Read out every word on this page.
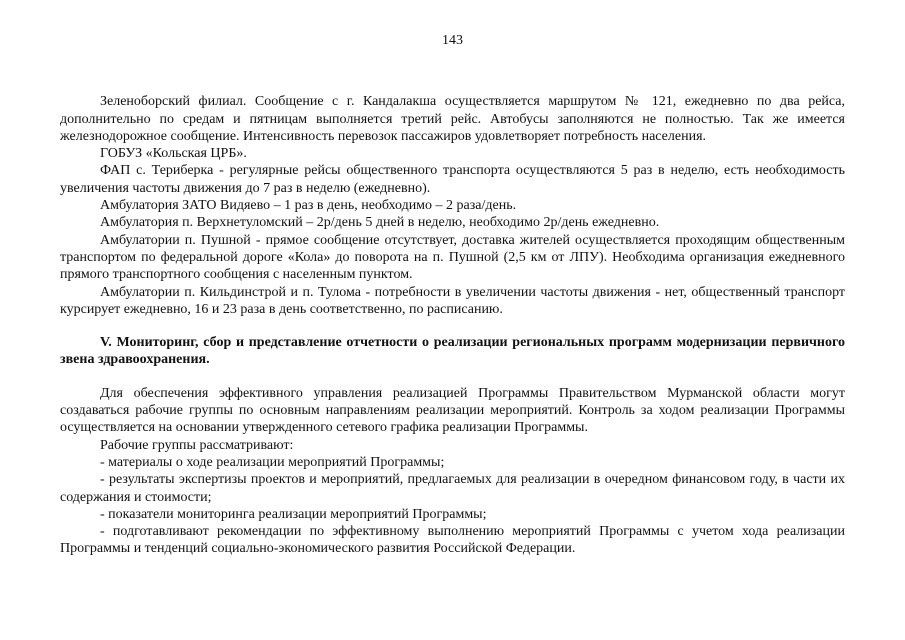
143

Зеленоборский филиал. Сообщение с г. Кандалакша осуществляется маршрутом № 121, ежедневно по два рейса, дополнительно по средам и пятницам выполняется третий рейс. Автобусы заполняются не полностью. Так же имеется железнодорожное сообщение. Интенсивность перевозок пассажиров удовлетворяет потребность населения.

ГОБУЗ «Кольская ЦРБ».

ФАП с. Териберка - регулярные рейсы общественного транспорта осуществляются 5 раз в неделю, есть необходимость увеличения частоты движения до 7 раз в неделю (ежедневно).

Амбулатория ЗАТО Видяево – 1 раз в день, необходимо – 2 раза/день.

Амбулатория п. Верхнетуломский – 2р/день 5 дней в неделю, необходимо 2р/день ежедневно.

Амбулатории п. Пушной - прямое сообщение отсутствует, доставка жителей осуществляется проходящим общественным транспортом по федеральной дороге «Кола» до поворота на п. Пушной (2,5 км от ЛПУ). Необходима организация ежедневного прямого транспортного сообщения с населенным пунктом.

Амбулатории п. Кильдинстрой и п. Тулома - потребности в увеличении частоты движения - нет, общественный транспорт курсирует ежедневно, 16 и 23 раза в день соответственно, по расписанию.

V. Мониторинг, сбор и представление отчетности о реализации региональных программ модернизации первичного звена здравоохранения.

Для обеспечения эффективного управления реализацией Программы Правительством Мурманской области могут создаваться рабочие группы по основным направлениям реализации мероприятий. Контроль за ходом реализации Программы осуществляется на основании утвержденного сетевого графика реализации Программы.

Рабочие группы рассматривают:

- материалы о ходе реализации мероприятий Программы;

- результаты экспертизы проектов и мероприятий, предлагаемых для реализации в очередном финансовом году, в части их содержания и стоимости;

- показатели мониторинга реализации мероприятий Программы;

- подготавливают рекомендации по эффективному выполнению мероприятий Программы с учетом хода реализации Программы и тенденций социально-экономического развития Российской Федерации.
